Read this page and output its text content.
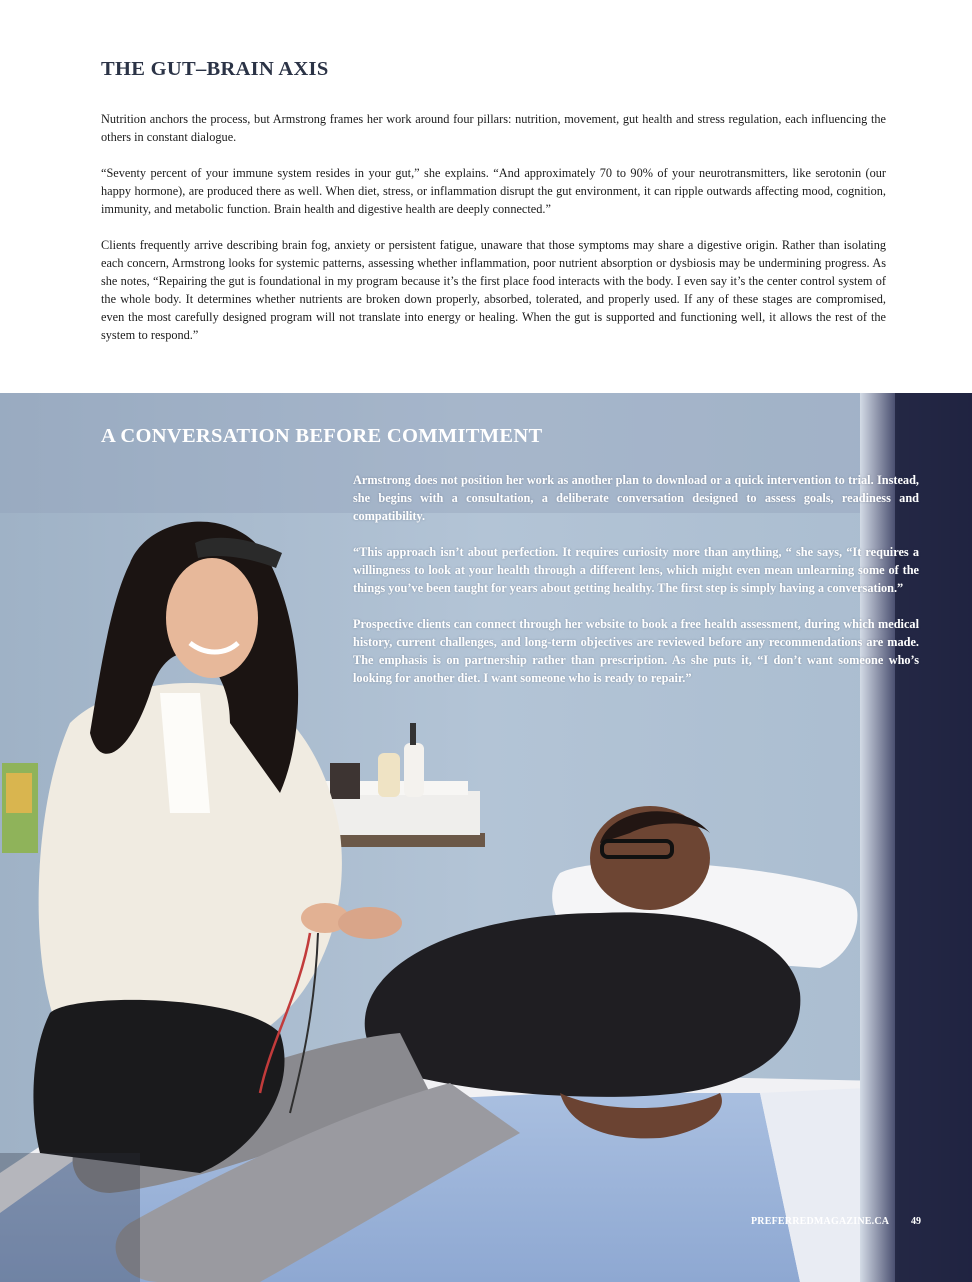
THE GUT–BRAIN AXIS

Nutrition anchors the process, but Armstrong frames her work around four pillars: nutrition, movement, gut health and stress regulation, each influencing the others in constant dialogue.

“Seventy percent of your immune system resides in your gut,” she explains. “And approximately 70 to 90% of your neurotransmitters, like serotonin (our happy hormone), are produced there as well. When diet, stress, or inflammation disrupt the gut environment, it can ripple outwards affecting mood, cognition, immunity, and metabolic function. Brain health and digestive health are deeply connected.”

Clients frequently arrive describing brain fog, anxiety or persistent fatigue, unaware that those symptoms may share a digestive origin. Rather than isolating each concern, Armstrong looks for systemic patterns, assessing whether inflammation, poor nutrient absorption or dysbiosis may be undermining progress. As she notes, “Repairing the gut is foundational in my program because it’s the first place food interacts with the body. I even say it’s the center control system of the whole body. It determines whether nutrients are broken down properly, absorbed, tolerated, and properly used. If any of these stages are compromised, even the most carefully designed program will not translate into energy or healing. When the gut is supported and functioning well, it allows the rest of the system to respond.”

A CONVERSATION BEFORE COMMITMENT

Armstrong does not position her work as another plan to download or a quick intervention to trial. Instead, she begins with a consultation, a deliberate conversation designed to assess goals, readiness and compatibility.

“This approach isn’t about perfection. It requires curiosity more than anything, “ she says, “It requires a willingness to look at your health through a different lens, which might even mean unlearning some of the things you’ve been taught for years about getting healthy. The first step is simply having a conversation.”

Prospective clients can connect through her website to book a free health assessment, during which medical history, current challenges, and long-term objectives are reviewed before any recommendations are made. The emphasis is on partnership rather than prescription. As she puts it, “I don’t want someone who’s looking for another diet. I want someone who is ready to repair.”

PREFERREDMAGAZINE.CA 49
